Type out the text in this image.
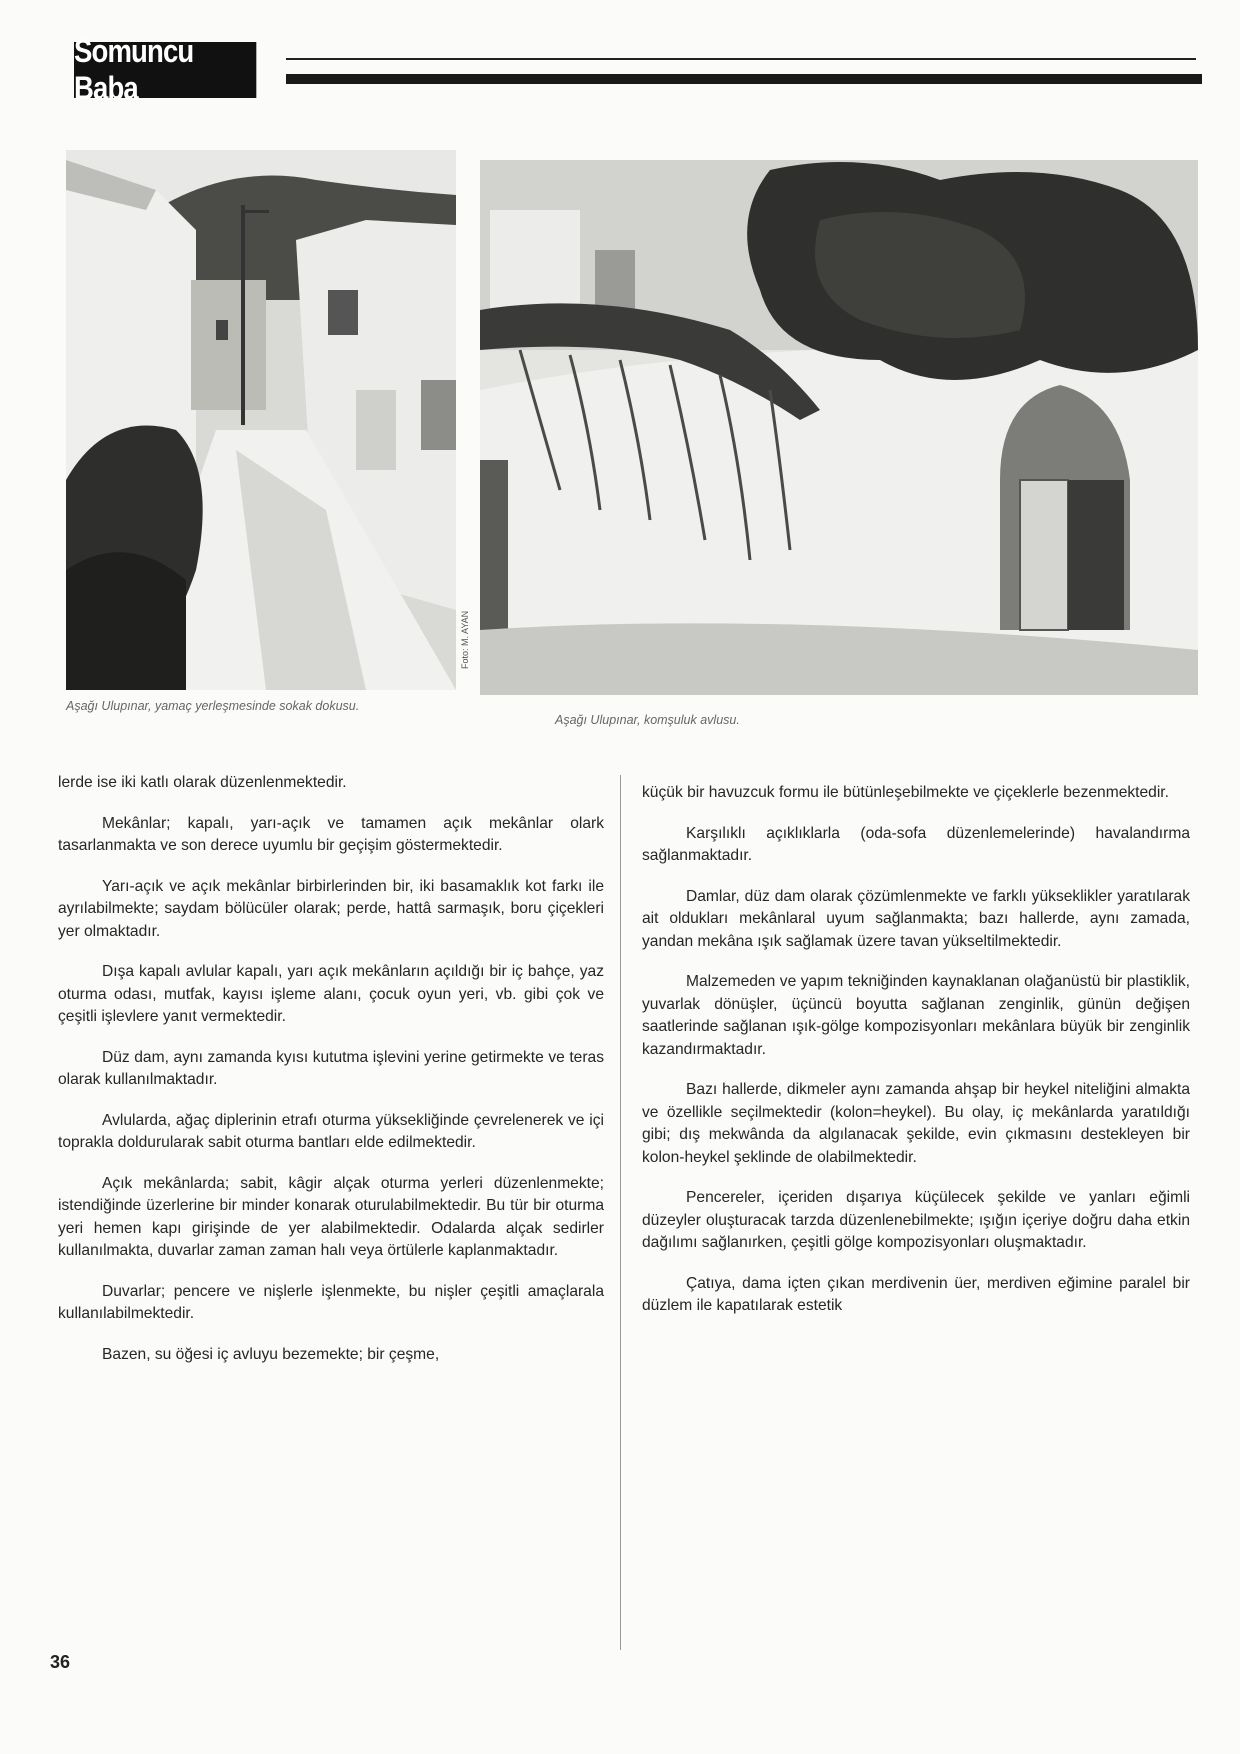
Somuncu Baba
Foto: M. AYAN
Aşağı Ulupınar, yamaç yerleşmesinde sokak dokusu.
Aşağı Ulupınar, komşuluk avlusu.

lerde ise iki katlı olarak düzenlenmektedir.

Mekânlar; kapalı, yarı-açık ve tamamen açık mekânlar olark tasarlanmakta ve son derece uyumlu bir geçişim göstermektedir.

Yarı-açık ve açık mekânlar birbirlerinden bir, iki basamaklık kot farkı ile ayrılabilmekte; saydam bölücüler olarak; perde, hattâ sarmaşık, boru çiçekleri yer olmaktadır.

Dışa kapalı avlular kapalı, yarı açık mekânların açıldığı bir iç bahçe, yaz oturma odası, mutfak, kayısı işleme alanı, çocuk oyun yeri, vb. gibi çok ve çeşitli işlevlere yanıt vermektedir.

Düz dam, aynı zamanda kyısı kututma işlevini yerine getirmekte ve teras olarak kullanılmaktadır.

Avlularda, ağaç diplerinin etrafı oturma yüksekliğinde çevrelenerek ve içi toprakla doldurularak sabit oturma bantları elde edilmektedir.

Açık mekânlarda; sabit, kâgir alçak oturma yerleri düzenlenmekte; istendiğinde üzerlerine bir minder konarak oturulabilmektedir. Bu tür bir oturma yeri hemen kapı girişinde de yer alabilmektedir. Odalarda alçak sedirler kullanılmakta, duvarlar zaman zaman halı veya örtülerle kaplanmaktadır.

Duvarlar; pencere ve nişlerle işlenmekte, bu nişler çeşitli amaçlarala kullanılabilmektedir.

Bazen, su öğesi iç avluyu bezemekte; bir çeşme,

küçük bir havuzcuk formu ile bütünleşebilmekte ve çiçeklerle bezenmektedir.

Karşılıklı açıklıklarla (oda-sofa düzenlemelerinde) havalandırma sağlanmaktadır.

Damlar, düz dam olarak çözümlenmekte ve farklı yükseklikler yaratılarak ait oldukları mekânlaral uyum sağlanmakta; bazı hallerde, aynı zamada, yandan mekâna ışık sağlamak üzere tavan yükseltilmektedir.

Malzemeden ve yapım tekniğinden kaynaklanan olağanüstü bir plastiklik, yuvarlak dönüşler, üçüncü boyutta sağlanan zenginlik, günün değişen saatlerinde sağlanan ışık-gölge kompozisyonları mekânlara büyük bir zenginlik kazandırmaktadır.

Bazı hallerde, dikmeler aynı zamanda ahşap bir heykel niteliğini almakta ve özellikle seçilmektedir (kolon=heykel). Bu olay, iç mekânlarda yaratıldığı gibi; dış mekwânda da algılanacak şekilde, evin çıkmasını destekleyen bir kolon-heykel şeklinde de olabilmektedir.

Pencereler, içeriden dışarıya küçülecek şekilde ve yanları eğimli düzeyler oluşturacak tarzda düzenlenebilmekte; ışığın içeriye doğru daha etkin dağılımı sağlanırken, çeşitli gölge kompozisyonları oluşmaktadır.

Çatıya, dama içten çıkan merdivenin üer, merdiven eğimine paralel bir düzlem ile kapatılarak estetik

36
